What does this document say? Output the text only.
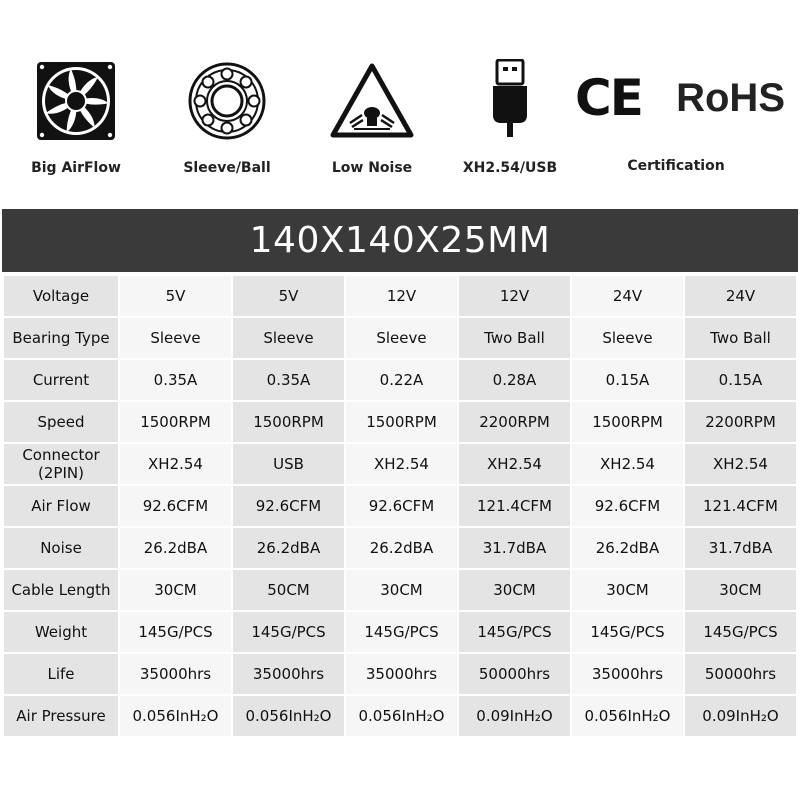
Big AirFlow	Sleeve/Ball	Low Noise	XH2.54/USB
CE RoHS
Certification
140X140X25MM
Voltage	5V	5V	12V	12V	24V	24V
Bearing Type	Sleeve	Sleeve	Sleeve	Two Ball	Sleeve	Two Ball
Current	0.35A	0.35A	0.22A	0.28A	0.15A	0.15A
Speed	1500RPM	1500RPM	1500RPM	2200RPM	1500RPM	2200RPM
Connector (2PIN)	XH2.54	USB	XH2.54	XH2.54	XH2.54	XH2.54
Air Flow	92.6CFM	92.6CFM	92.6CFM	121.4CFM	92.6CFM	121.4CFM
Noise	26.2dBA	26.2dBA	26.2dBA	31.7dBA	26.2dBA	31.7dBA
Cable Length	30CM	50CM	30CM	30CM	30CM	30CM
Weight	145G/PCS	145G/PCS	145G/PCS	145G/PCS	145G/PCS	145G/PCS
Life	35000hrs	35000hrs	35000hrs	50000hrs	35000hrs	50000hrs
Air Pressure	0.056InH₂O	0.056InH₂O	0.056InH₂O	0.09InH₂O	0.056InH₂O	0.09InH₂O
